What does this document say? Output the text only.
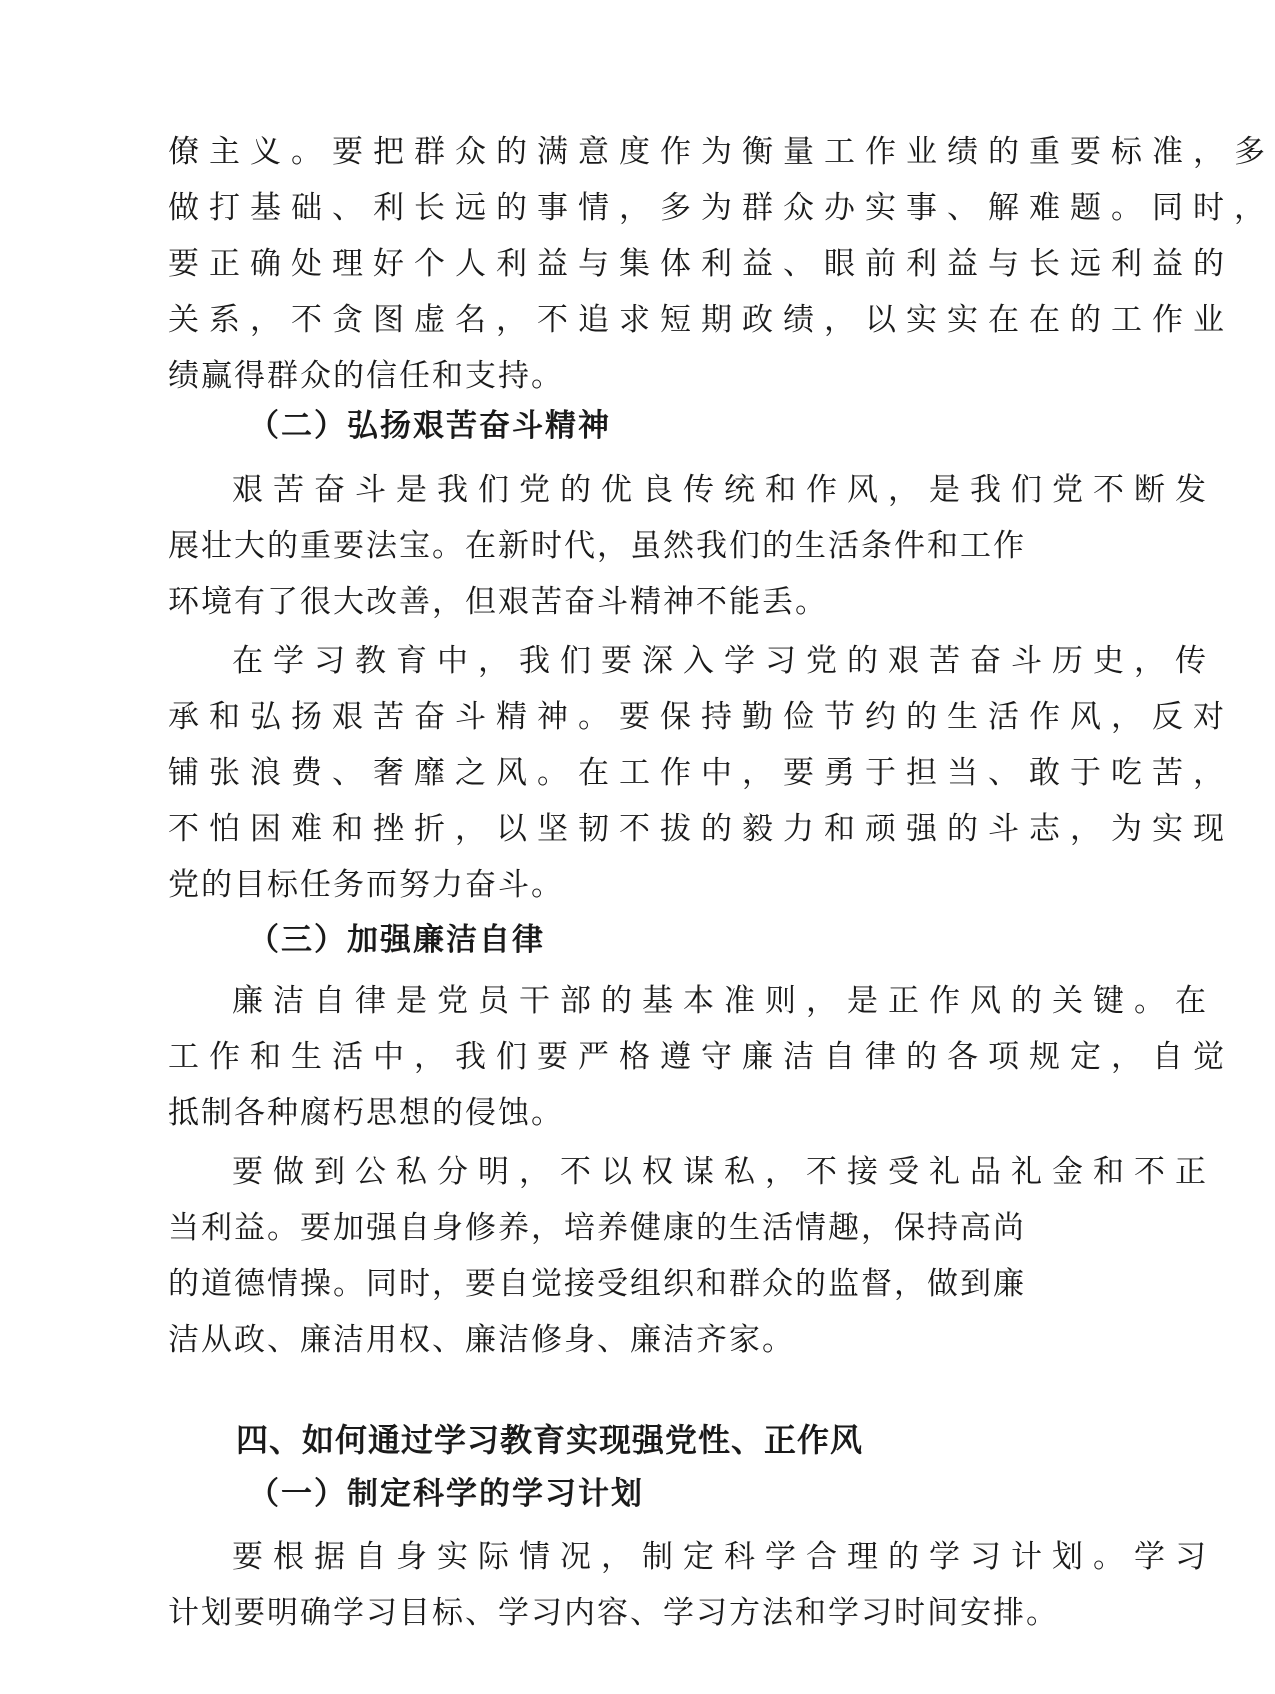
僚主义。要把群众的满意度作为衡量工作业绩的重要标准，多
做打基础、利长远的事情，多为群众办实事、解难题。同时，
要正确处理好个人利益与集体利益、眼前利益与长远利益的
关系，不贪图虚名，不追求短期政绩，以实实在在的工作业
绩赢得群众的信任和支持。
（二）弘扬艰苦奋斗精神
艰苦奋斗是我们党的优良传统和作风，是我们党不断发
展壮大的重要法宝。在新时代，虽然我们的生活条件和工作
环境有了很大改善，但艰苦奋斗精神不能丢。
在学习教育中，我们要深入学习党的艰苦奋斗历史，传
承和弘扬艰苦奋斗精神。要保持勤俭节约的生活作风，反对
铺张浪费、奢靡之风。在工作中，要勇于担当、敢于吃苦，
不怕困难和挫折，以坚韧不拔的毅力和顽强的斗志，为实现
党的目标任务而努力奋斗。
（三）加强廉洁自律
廉洁自律是党员干部的基本准则，是正作风的关键。在
工作和生活中，我们要严格遵守廉洁自律的各项规定，自觉
抵制各种腐朽思想的侵蚀。
要做到公私分明，不以权谋私，不接受礼品礼金和不正
当利益。要加强自身修养，培养健康的生活情趣，保持高尚
的道德情操。同时，要自觉接受组织和群众的监督，做到廉
洁从政、廉洁用权、廉洁修身、廉洁齐家。
四、如何通过学习教育实现强党性、正作风
（一）制定科学的学习计划
要根据自身实际情况，制定科学合理的学习计划。学习
计划要明确学习目标、学习内容、学习方法和学习时间安排。
